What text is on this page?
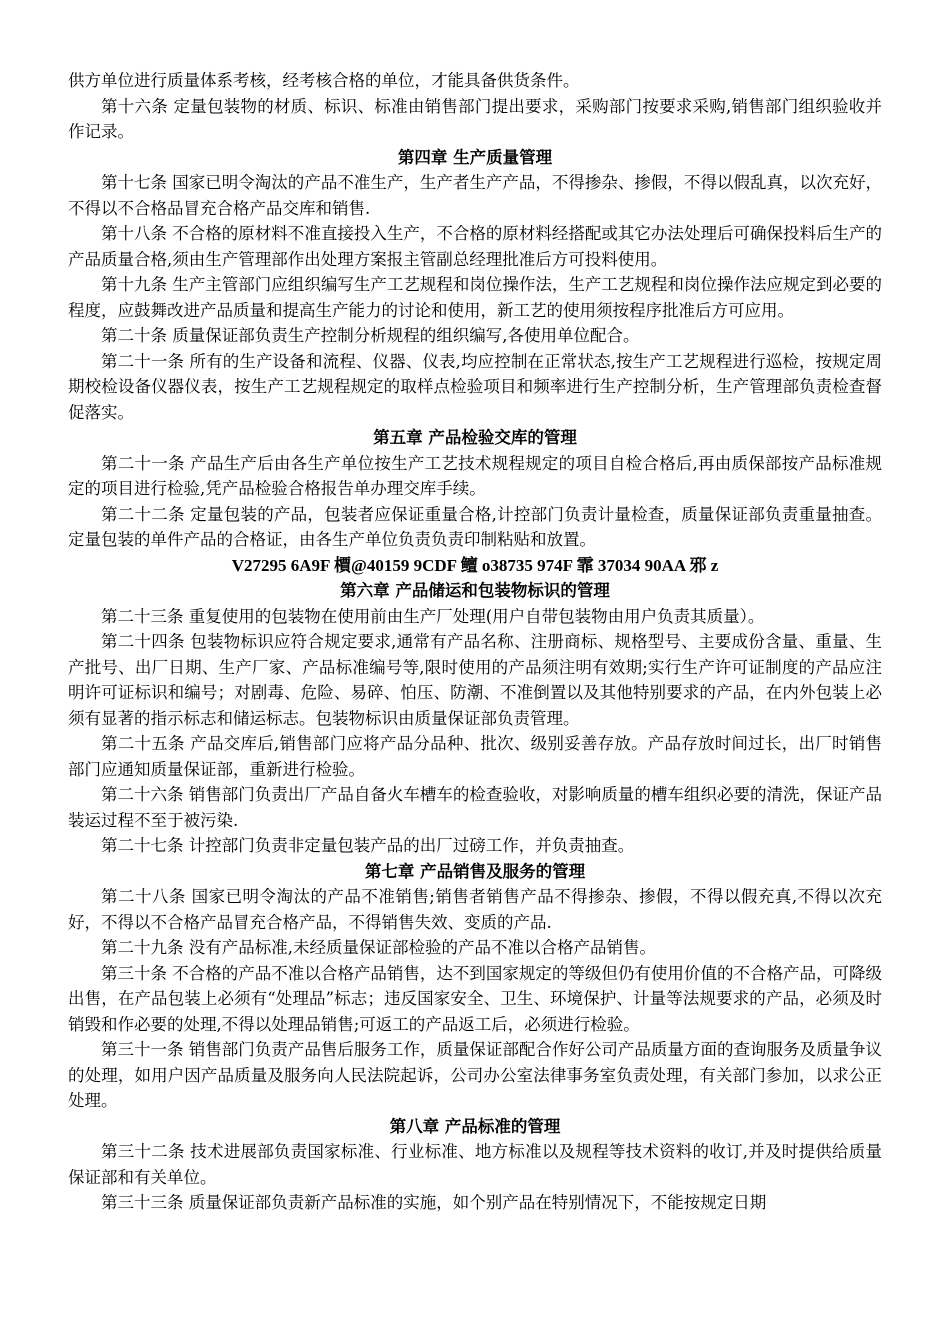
供方单位进行质量体系考核，经考核合格的单位，才能具备供货条件。

第十六条 定量包装物的材质、标识、标准由销售部门提出要求，采购部门按要求采购,销售部门组织验收并作记录。

第四章 生产质量管理

第十七条 国家已明令淘汰的产品不准生产，生产者生产产品，不得掺杂、掺假，不得以假乱真，以次充好，不得以不合格品冒充合格产品交库和销售.

第十八条 不合格的原材料不准直接投入生产，不合格的原材料经搭配或其它办法处理后可确保投料后生产的产品质量合格,须由生产管理部作出处理方案报主管副总经理批准后方可投料使用。

第十九条 生产主管部门应组织编写生产工艺规程和岗位操作法，生产工艺规程和岗位操作法应规定到必要的程度，应鼓舞改进产品质量和提高生产能力的讨论和使用，新工艺的使用须按程序批准后方可应用。

第二十条 质量保证部负责生产控制分析规程的组织编写,各使用单位配合。

第二十一条 所有的生产设备和流程、仪器、仪表,均应控制在正常状态,按生产工艺规程进行巡检，按规定周期校检设备仪器仪表，按生产工艺规程规定的取样点检验项目和频率进行生产控制分析，生产管理部负责检查督促落实。

第五章 产品检验交库的管理

第二十一条 产品生产后由各生产单位按生产工艺技术规程规定的项目自检合格后,再由质保部按产品标准规定的项目进行检验,凭产品检验合格报告单办理交库手续。

第二十二条 定量包装的产品，包装者应保证重量合格,计控部门负责计量检查，质量保证部负责重量抽查。定量包装的单件产品的合格证，由各生产单位负责负责印制粘贴和放置。

V27295 6A9F 檟@40159 9CDF 鳣 o38735 974F 霏 37034 90AA 邪 z

第六章 产品储运和包装物标识的管理

第二十三条 重复使用的包装物在使用前由生产厂处理(用户自带包装物由用户负责其质量）。

第二十四条 包装物标识应符合规定要求,通常有产品名称、注册商标、规格型号、主要成份含量、重量、生产批号、出厂日期、生产厂家、产品标准编号等,限时使用的产品须注明有效期;实行生产许可证制度的产品应注明许可证标识和编号；对剧毒、危险、易碎、怕压、防潮、不准倒置以及其他特别要求的产品，在内外包装上必须有显著的指示标志和储运标志。包装物标识由质量保证部负责管理。

第二十五条 产品交库后,销售部门应将产品分品种、批次、级别妥善存放。产品存放时间过长，出厂时销售部门应通知质量保证部，重新进行检验。

第二十六条 销售部门负责出厂产品自备火车槽车的检查验收，对影响质量的槽车组织必要的清洗，保证产品装运过程不至于被污染.

第二十七条 计控部门负责非定量包装产品的出厂过磅工作，并负责抽查。

第七章 产品销售及服务的管理

第二十八条 国家已明令淘汰的产品不准销售;销售者销售产品不得掺杂、掺假，不得以假充真,不得以次充好，不得以不合格产品冒充合格产品，不得销售失效、变质的产品.

第二十九条 没有产品标准,未经质量保证部检验的产品不准以合格产品销售。

第三十条 不合格的产品不准以合格产品销售，达不到国家规定的等级但仍有使用价值的不合格产品，可降级出售，在产品包装上必须有“处理品”标志；违反国家安全、卫生、环境保护、计量等法规要求的产品，必须及时销毁和作必要的处理,不得以处理品销售;可返工的产品返工后，必须进行检验。

第三十一条 销售部门负责产品售后服务工作，质量保证部配合作好公司产品质量方面的查询服务及质量争议的处理，如用户因产品质量及服务向人民法院起诉，公司办公室法律事务室负责处理，有关部门参加，以求公正处理。

第八章 产品标准的管理

第三十二条 技术进展部负责国家标准、行业标准、地方标准以及规程等技术资料的收订,并及时提供给质量保证部和有关单位。

第三十三条 质量保证部负责新产品标准的实施，如个别产品在特别情况下，不能按规定日期
